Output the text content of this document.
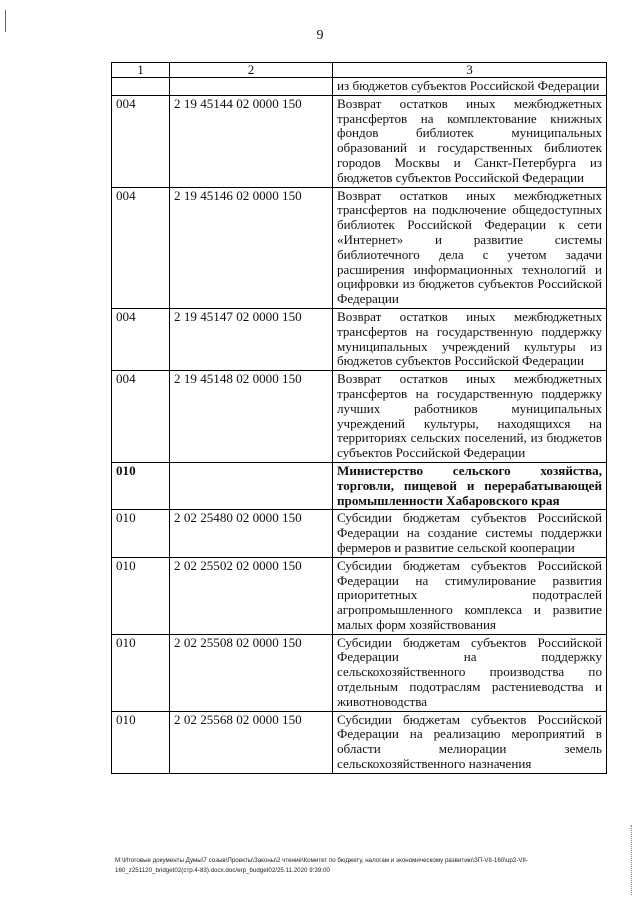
9
1	2	3
		из бюджетов субъектов Российской Федерации
004	2 19 45144 02 0000 150	Возврат остатков иных межбюджетных трансфертов на комплектование книжных фондов библиотек муниципальных образований и государственных библиотек городов Москвы и Санкт-Петербурга из бюджетов субъектов Российской Федерации
004	2 19 45146 02 0000 150	Возврат остатков иных межбюджетных трансфертов на подключение общедоступных библиотек Российской Федерации к сети «Интернет» и развитие системы библиотечного дела с учетом задачи расширения информационных технологий и оцифровки из бюджетов субъектов Российской Федерации
004	2 19 45147 02 0000 150	Возврат остатков иных межбюджетных трансфертов на государственную поддержку муниципальных учреждений культуры из бюджетов субъектов Российской Федерации
004	2 19 45148 02 0000 150	Возврат остатков иных межбюджетных трансфертов на государственную поддержку лучших работников муниципальных учреждений культуры, находящихся на территориях сельских поселений, из бюджетов субъектов Российской Федерации
010		Министерство сельского хозяйства, торговли, пищевой и перерабатывающей промышленности Хабаровского края
010	2 02 25480 02 0000 150	Субсидии бюджетам субъектов Российской Федерации на создание системы поддержки фермеров и развитие сельской кооперации
010	2 02 25502 02 0000 150	Субсидии бюджетам субъектов Российской Федерации на стимулирование развития приоритетных подотраслей агропромышленного комплекса и развитие малых форм хозяйствования
010	2 02 25508 02 0000 150	Субсидии бюджетам субъектов Российской Федерации на поддержку сельскохозяйственного производства по отдельным подотраслям растениеводства и животноводства
010	2 02 25568 02 0000 150	Субсидии бюджетам субъектов Российской Федерации на реализацию мероприятий в области мелиорации земель сельскохозяйственного назначения
M:\Итоговые документы Думы\7 созыв\Проекты\Законы\2 чтение\Комитет по бюджету, налогам и экономическому развитию\ЗП-VII-160\up2-VII-
160_z251120_bridget02(стр.4-83).docx.doc/erp_budget02/25.11.2020 9:39:00
